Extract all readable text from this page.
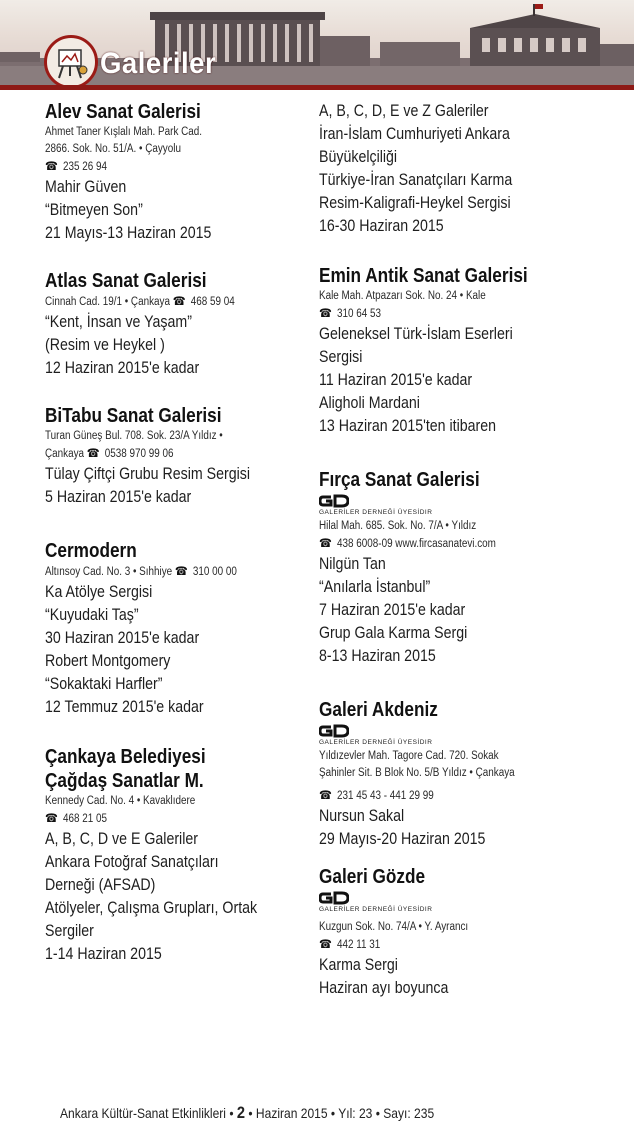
Galeriler
Alev Sanat Galerisi
Ahmet Taner Kışlalı Mah. Park Cad.
2866. Sok. No. 51/A. • Çayyolu
☎ 235 26 94
Mahir Güven
“Bitmeyen Son”
21 Mayıs-13 Haziran 2015
Atlas Sanat Galerisi
Cinnah Cad. 19/1 • Çankaya ☎ 468 59 04
“Kent, İnsan ve Yaşam”
(Resim ve Heykel )
12 Haziran 2015'e kadar
BiTabu Sanat Galerisi
Turan Güneş Bul. 708. Sok. 23/A Yıldız •
Çankaya ☎ 0538 970 99 06
Tülay Çiftçi Grubu Resim Sergisi
5 Haziran 2015'e kadar
Cermodern
Altınsoy Cad. No. 3 • Sıhhiye ☎ 310 00 00
Ka Atölye Sergisi
“Kuyudaki Taş”
30 Haziran 2015'e kadar
Robert Montgomery
“Sokaktaki Harfler”
12 Temmuz 2015'e kadar
Çankaya Belediyesi
Çağdaş Sanatlar M.
Kennedy Cad. No. 4 • Kavaklıdere
☎ 468 21 05
A, B, C, D ve E Galeriler
Ankara Fotoğraf Sanatçıları
Derneği (AFSAD)
Atölyeler, Çalışma Grupları, Ortak
Sergiler
1-14 Haziran 2015
A, B, C, D, E ve Z Galeriler
İran-İslam Cumhuriyeti Ankara
Büyükelçiliği
Türkiye-İran Sanatçıları Karma
Resim-Kaligrafi-Heykel Sergisi
16-30 Haziran 2015
Emin Antik Sanat Galerisi
Kale Mah. Atpazarı Sok. No. 24 • Kale
☎ 310 64 53
Geleneksel Türk-İslam Eserleri
Sergisi
11 Haziran 2015'e kadar
Aligholi Mardani
13 Haziran 2015'ten itibaren
Fırça Sanat Galerisi
GALERİLER DERNEĞİ ÜYESİDIR
Hilal Mah. 685. Sok. No. 7/A • Yıldız
☎ 438 6008-09 www.fircasanatevi.com
Nilgün Tan
“Anılarla İstanbul”
7 Haziran 2015'e kadar
Grup Gala Karma Sergi
8-13 Haziran 2015
Galeri Akdeniz
GALERİLER DERNEĞİ ÜYESİDIR
Yıldızevler Mah. Tagore Cad. 720. Sokak
Şahinler Sit. B Blok No. 5/B Yıldız • Çankaya
☎ 231 45 43 - 441 29 99
Nursun Sakal
29 Mayıs-20 Haziran 2015
Galeri Gözde
GALERİLER DERNEĞİ ÜYESİDIR
Kuzgun Sok. No. 74/A • Y. Ayrancı
☎ 442 11 31
Karma Sergi
Haziran ayı boyunca
Ankara Kültür-Sanat Etkinlikleri • 2 • Haziran 2015 • Yıl: 23 • Sayı: 235
